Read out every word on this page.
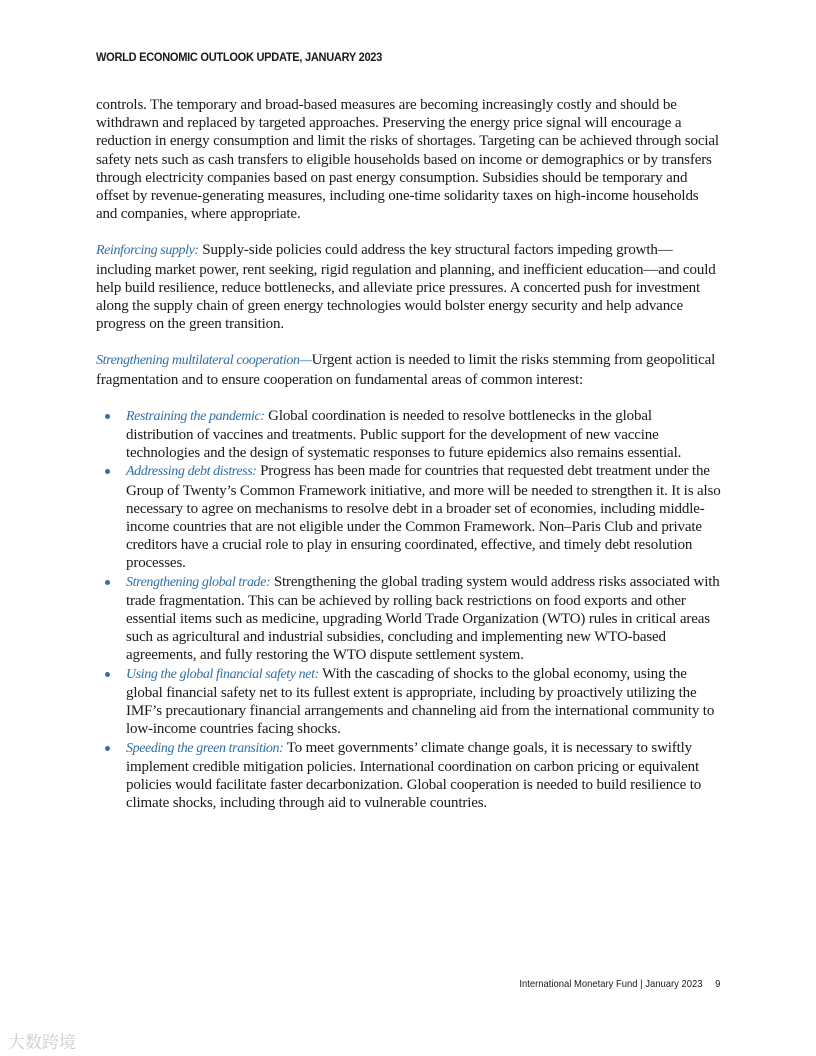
WORLD ECONOMIC OUTLOOK UPDATE, JANUARY 2023

controls. The temporary and broad-based measures are becoming increasingly costly and should be withdrawn and replaced by targeted approaches. Preserving the energy price signal will encourage a reduction in energy consumption and limit the risks of shortages. Targeting can be achieved through social safety nets such as cash transfers to eligible households based on income or demographics or by transfers through electricity companies based on past energy consumption. Subsidies should be temporary and offset by revenue-generating measures, including one-time solidarity taxes on high-income households and companies, where appropriate.

Reinforcing supply: Supply-side policies could address the key structural factors impeding growth—including market power, rent seeking, rigid regulation and planning, and inefficient education—and could help build resilience, reduce bottlenecks, and alleviate price pressures. A concerted push for investment along the supply chain of green energy technologies would bolster energy security and help advance progress on the green transition.

Strengthening multilateral cooperation—Urgent action is needed to limit the risks stemming from geopolitical fragmentation and to ensure cooperation on fundamental areas of common interest:

Restraining the pandemic: Global coordination is needed to resolve bottlenecks in the global distribution of vaccines and treatments. Public support for the development of new vaccine technologies and the design of systematic responses to future epidemics also remains essential.
Addressing debt distress: Progress has been made for countries that requested debt treatment under the Group of Twenty’s Common Framework initiative, and more will be needed to strengthen it. It is also necessary to agree on mechanisms to resolve debt in a broader set of economies, including middle-income countries that are not eligible under the Common Framework. Non–Paris Club and private creditors have a crucial role to play in ensuring coordinated, effective, and timely debt resolution processes.
Strengthening global trade: Strengthening the global trading system would address risks associated with trade fragmentation. This can be achieved by rolling back restrictions on food exports and other essential items such as medicine, upgrading World Trade Organization (WTO) rules in critical areas such as agricultural and industrial subsidies, concluding and implementing new WTO-based agreements, and fully restoring the WTO dispute settlement system.
Using the global financial safety net: With the cascading of shocks to the global economy, using the global financial safety net to its fullest extent is appropriate, including by proactively utilizing the IMF’s precautionary financial arrangements and channeling aid from the international community to low-income countries facing shocks.
Speeding the green transition: To meet governments’ climate change goals, it is necessary to swiftly implement credible mitigation policies. International coordination on carbon pricing or equivalent policies would facilitate faster decarbonization. Global cooperation is needed to build resilience to climate shocks, including through aid to vulnerable countries.
International Monetary Fund | January 2023 9
大数跨境
